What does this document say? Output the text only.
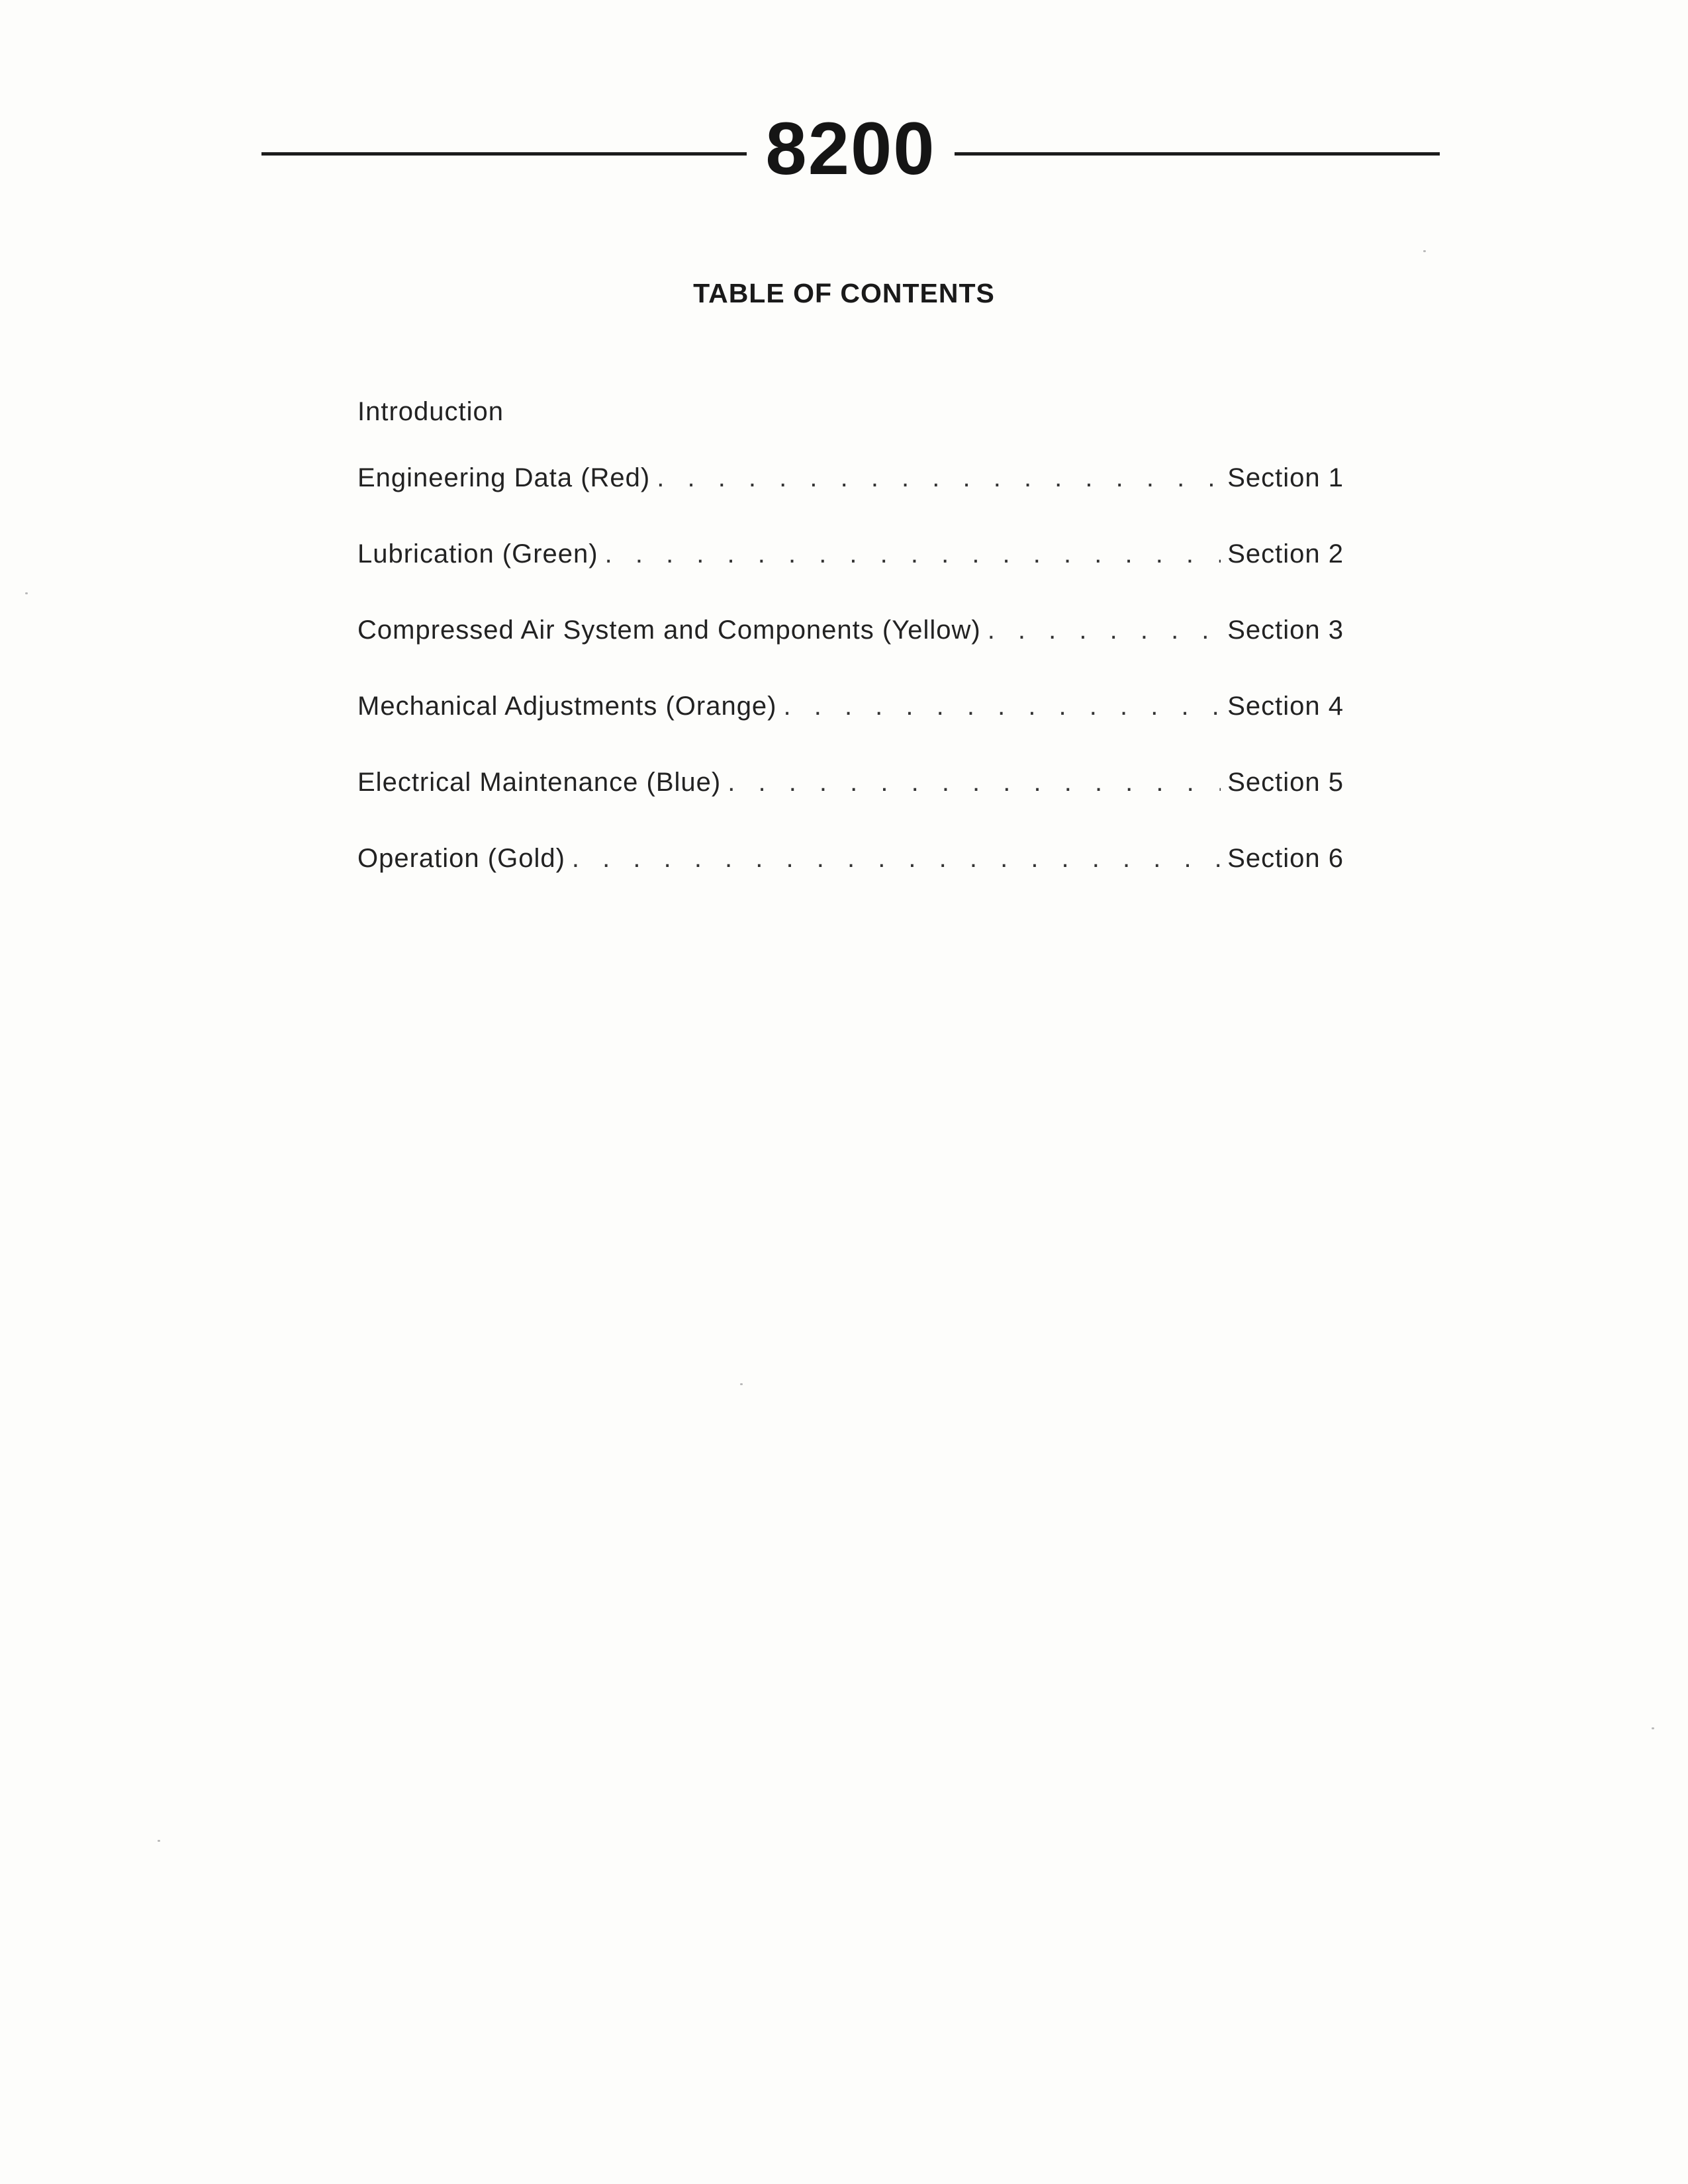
8200
TABLE OF CONTENTS
Introduction
Engineering Data (Red) . . .	Section 1
Lubrication (Green) . . .	Section 2
Compressed Air System and Components (Yellow) . . .	Section 3
Mechanical Adjustments (Orange) . . .	Section 4
Electrical Maintenance (Blue) . . .	Section 5
Operation (Gold) . . .	Section 6
